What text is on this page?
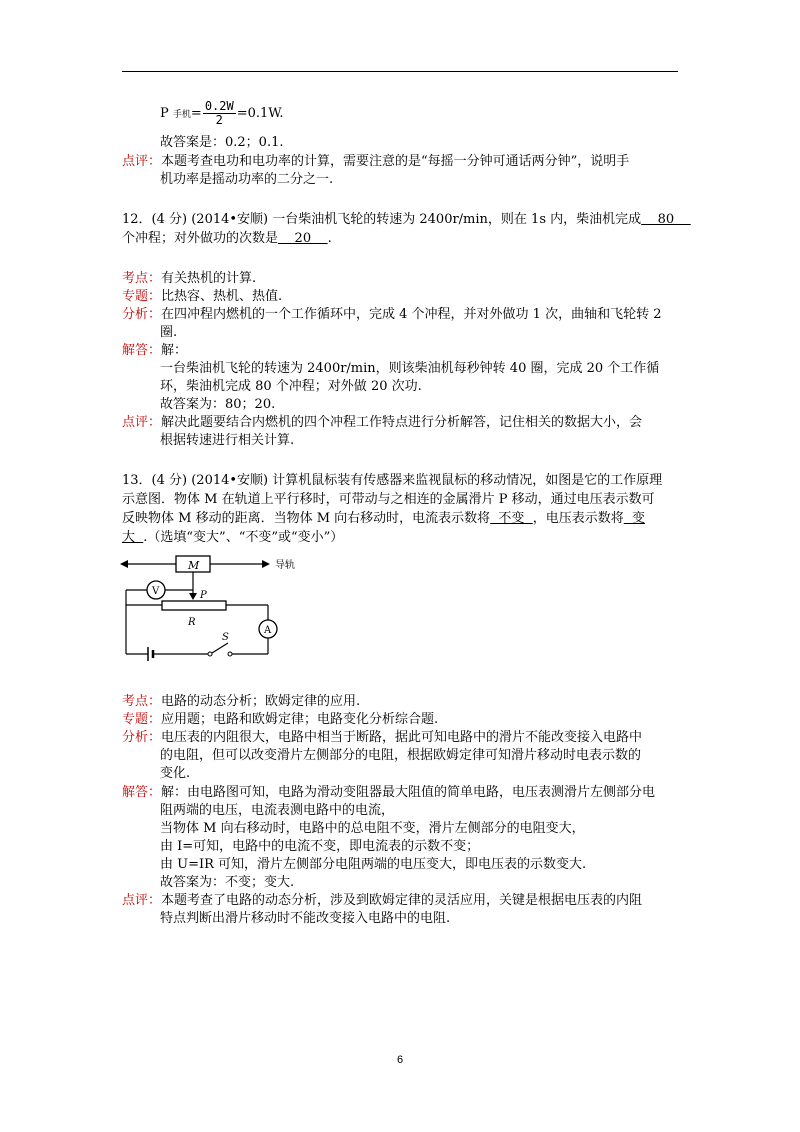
P 手机= $\frac{0.2W}{2} =0.1W$.
故答案是：0.2；0.1.
点评：本题考查电功和电功率的计算，需要注意的是“每摇一分钟可通话两分钟”，说明手
机功率是摇动功率的二分之一.
12．(4 分) (2014•安顺) 一台柴油机飞轮的转速为 2400r/min，则在 1s 内，柴油机完成    80
个冲程；对外做功的次数是    20    .
考点：有关热机的计算.
专题：比热容、热机、热值.
分析：在四冲程内燃机的一个工作循环中，完成 4 个冲程，并对外做功 1 次，曲轴和飞轮转 2
圈.
解答：解：
一台柴油机飞轮的转速为 2400r/min，则该柴油机每秒钟转 40 圈，完成 20 个工作循
环，柴油机完成 80 个冲程；对外做 20 次功.
故答案为：80；20.
点评：解决此题要结合内燃机的四个冲程工作特点进行分析解答，记住相关的数据大小，会
根据转速进行相关计算.
13．(4 分) (2014•安顺) 计算机鼠标装有传感器来监视鼠标的移动情况，如图是它的工作原理
示意图．物体 M 在轨道上平行移时，可带动与之相连的金属滑片 P 移动，通过电压表示数可
反映物体 M 移动的距离．当物体 M 向右移动时，电流表示数将  不变  ，电压表示数将  变
大  .（选填“变大”、“不变”或“变小”）
导轨
M
P
V
R
A
S
考点：电路的动态分析；欧姆定律的应用.
专题：应用题；电路和欧姆定律；电路变化分析综合题.
分析：电压表的内阻很大，电路中相当于断路，据此可知电路中的滑片不能改变接入电路中
的电阻，但可以改变滑片左侧部分的电阻，根据欧姆定律可知滑片移动时电表示数的
变化.
解答：解：由电路图可知，电路为滑动变阻器最大阻值的简单电路，电压表测滑片左侧部分电
阻两端的电压，电流表测电路中的电流，
当物体 M 向右移动时，电路中的总电阻不变，滑片左侧部分的电阻变大，
由 I=可知，电路中的电流不变，即电流表的示数不变；
由 U=IR 可知，滑片左侧部分电阻两端的电压变大，即电压表的示数变大.
故答案为：不变；变大.
点评：本题考查了电路的动态分析，涉及到欧姆定律的灵活应用，关键是根据电压表的内阻
特点判断出滑片移动时不能改变接入电路中的电阻.
6
